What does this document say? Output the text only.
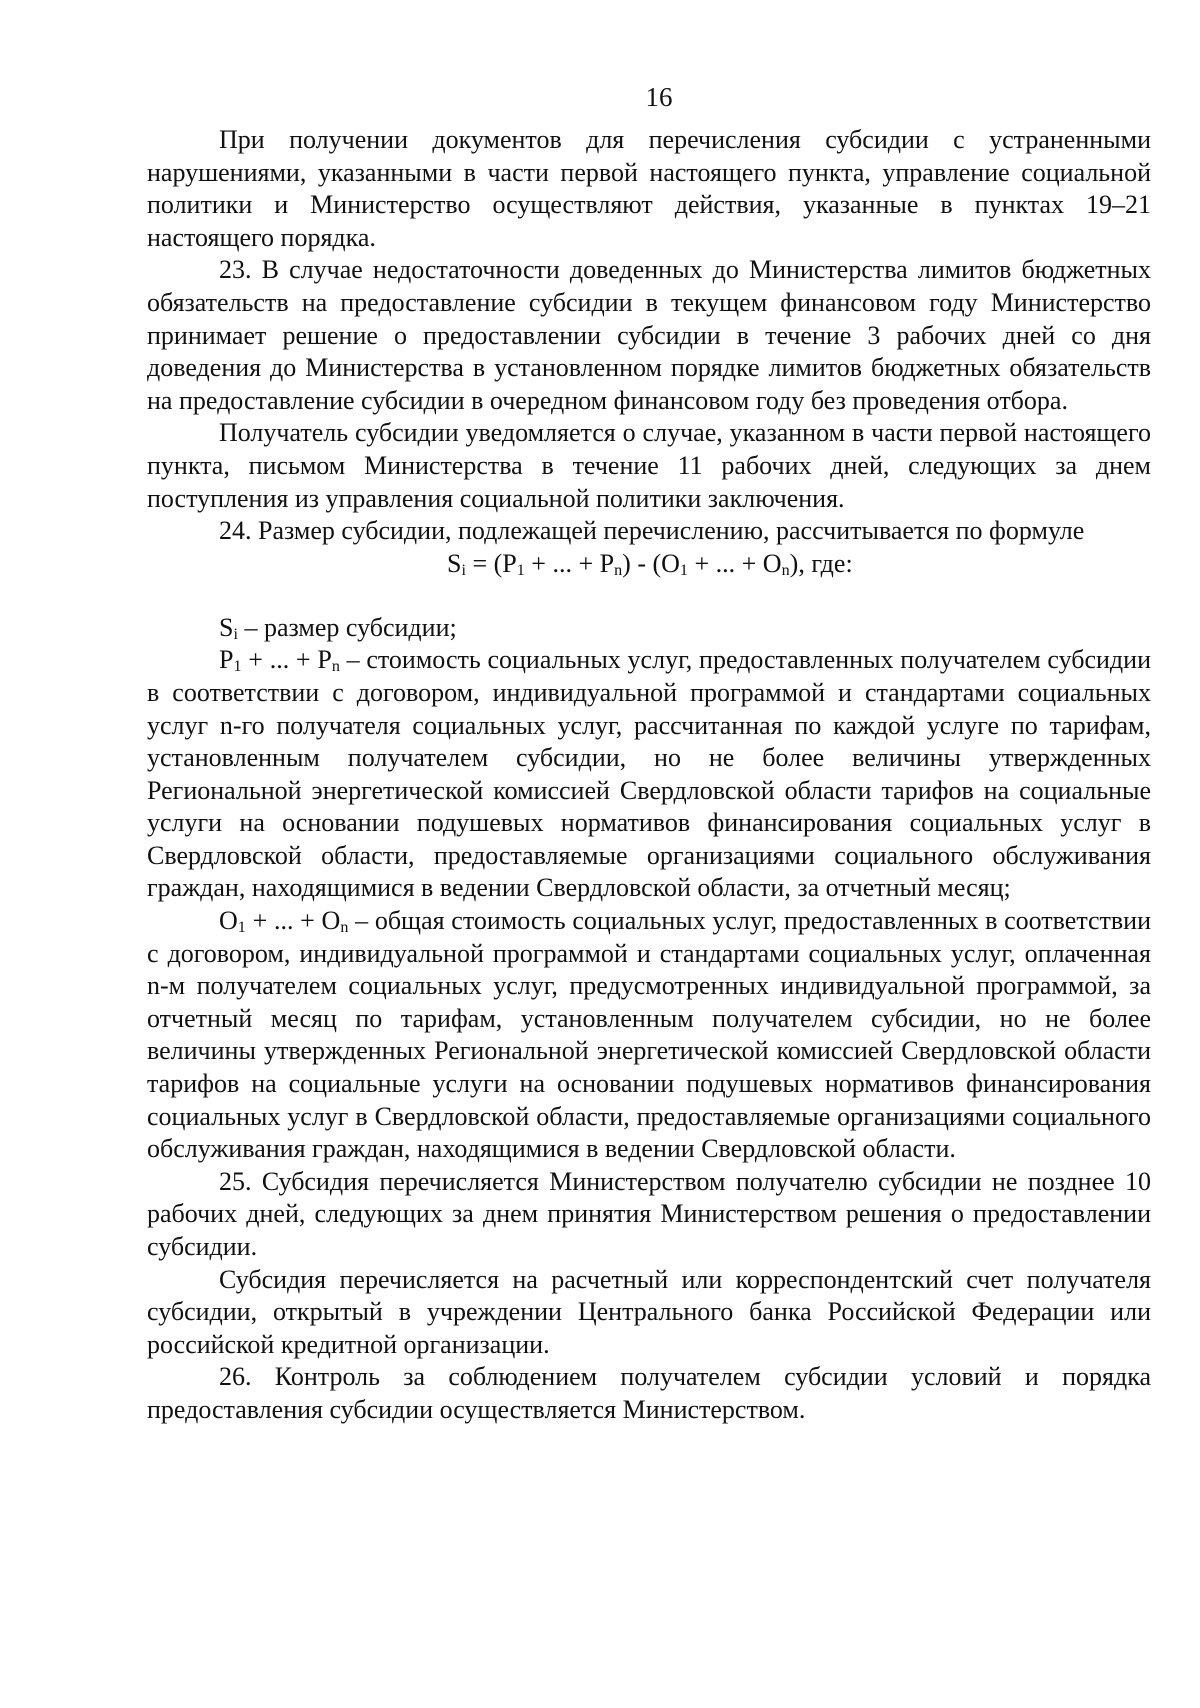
16

При получении документов для перечисления субсидии с устраненными нарушениями, указанными в части первой настоящего пункта, управление социальной политики и Министерство осуществляют действия, указанные в пунктах 19–21 настоящего порядка.

23. В случае недостаточности доведенных до Министерства лимитов бюджетных обязательств на предоставление субсидии в текущем финансовом году Министерство принимает решение о предоставлении субсидии в течение 3 рабочих дней со дня доведения до Министерства в установленном порядке лимитов бюджетных обязательств на предоставление субсидии в очередном финансовом году без проведения отбора.

Получатель субсидии уведомляется о случае, указанном в части первой настоящего пункта, письмом Министерства в течение 11 рабочих дней, следующих за днем поступления из управления социальной политики заключения.

24. Размер субсидии, подлежащей перечислению, рассчитывается по формуле

$S_i = (P_1$ + ... + $P_n) - (O_1$ + ... + $O_n$), где:

$S_i$ – размер субсидии;

$P_1$ + ... + $P_n$ – стоимость социальных услуг, предоставленных получателем субсидии в соответствии с договором, индивидуальной программой и стандартами социальных услуг n-го получателя социальных услуг, рассчитанная по каждой услуге по тарифам, установленным получателем субсидии, но не более величины утвержденных Региональной энергетической комиссией Свердловской области тарифов на социальные услуги на основании подушевых нормативов финансирования социальных услуг в Свердловской области, предоставляемые организациями социального обслуживания граждан, находящимися в ведении Свердловской области, за отчетный месяц;

$O_1$ + ... + $O_n$ – общая стоимость социальных услуг, предоставленных в соответствии с договором, индивидуальной программой и стандартами социальных услуг, оплаченная n-м получателем социальных услуг, предусмотренных индивидуальной программой, за отчетный месяц по тарифам, установленным получателем субсидии, но не более величины утвержденных Региональной энергетической комиссией Свердловской области тарифов на социальные услуги на основании подушевых нормативов финансирования социальных услуг в Свердловской области, предоставляемые организациями социального обслуживания граждан, находящимися в ведении Свердловской области.

25. Субсидия перечисляется Министерством получателю субсидии не позднее 10 рабочих дней, следующих за днем принятия Министерством решения о предоставлении субсидии.

Субсидия перечисляется на расчетный или корреспондентский счет получателя субсидии, открытый в учреждении Центрального банка Российской Федерации или российской кредитной организации.

26. Контроль за соблюдением получателем субсидии условий и порядка предоставления субсидии осуществляется Министерством.
